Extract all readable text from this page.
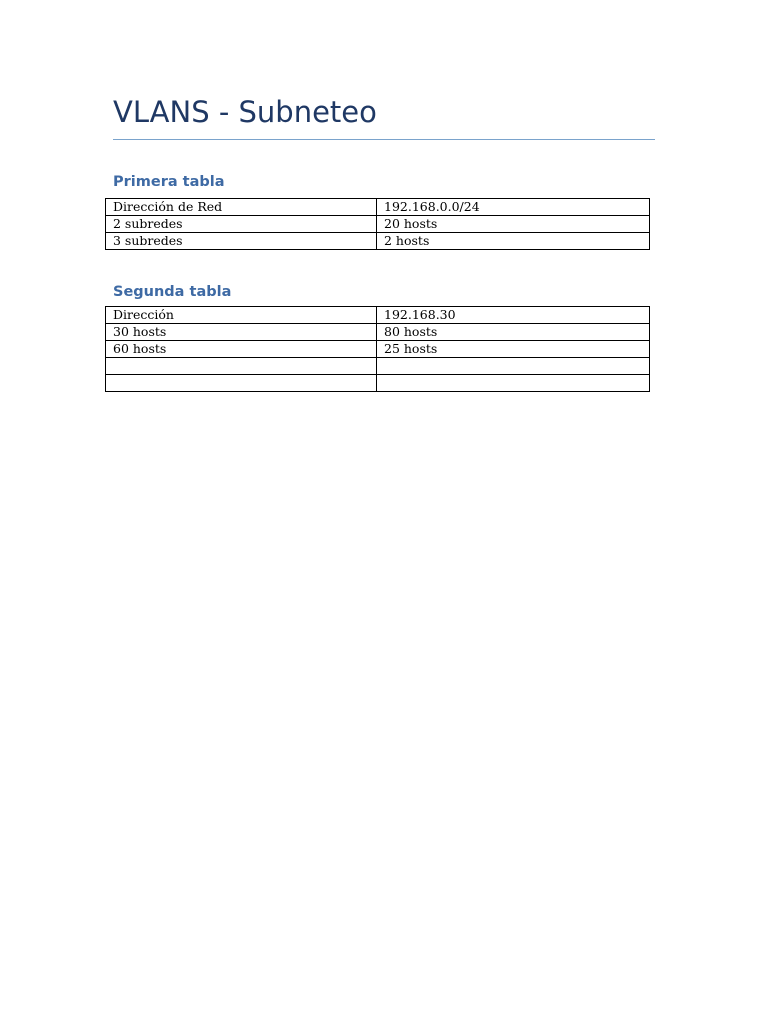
VLANS - Subneteo
Primera tabla
Dirección de Red	192.168.0.0/24
2 subredes	20 hosts
3 subredes	2 hosts
Segunda tabla
Dirección	192.168.30
30 hosts	80 hosts
60 hosts	25 hosts
